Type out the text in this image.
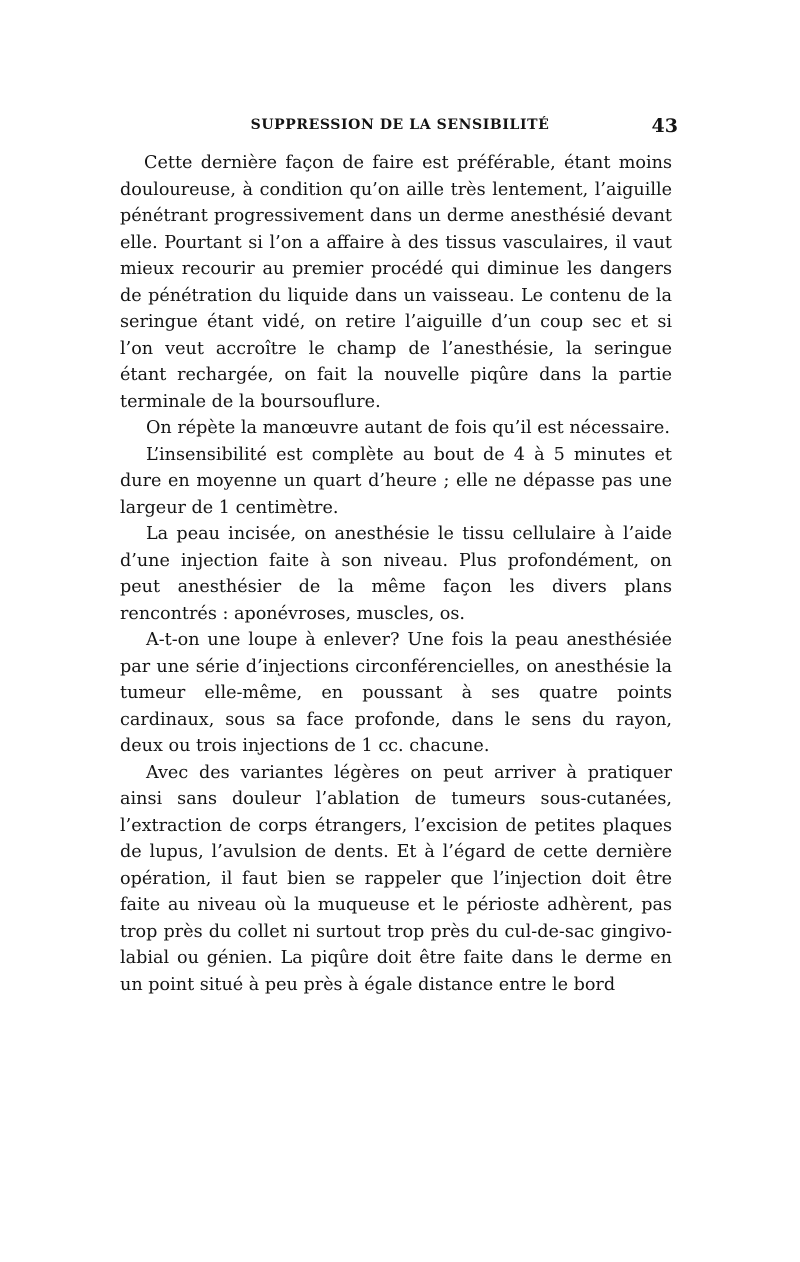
SUPPRESSION DE LA SENSIBILITÉ	43

Cette dernière façon de faire est préférable, étant moins douloureuse, à condition qu’on aille très lentement, l’aiguille pénétrant progressivement dans un derme anesthésié devant elle. Pourtant si l’on a affaire à des tissus vasculaires, il vaut mieux recourir au premier procédé qui diminue les dangers de pénétration du liquide dans un vaisseau. Le contenu de la seringue étant vidé, on retire l’aiguille d’un coup sec et si l’on veut accroître le champ de l’anesthésie, la seringue étant rechargée, on fait la nouvelle piqûre dans la partie terminale de la boursouflure.

On répète la manœuvre autant de fois qu’il est nécessaire.

L’insensibilité est complète au bout de 4 à 5 minutes et dure en moyenne un quart d’heure ; elle ne dépasse pas une largeur de 1 centimètre.

La peau incisée, on anesthésie le tissu cellulaire à l’aide d’une injection faite à son niveau. Plus profondément, on peut anesthésier de la même façon les divers plans rencontrés : aponévroses, muscles, os.

A-t-on une loupe à enlever? Une fois la peau anesthésiée par une série d’injections circonférencielles, on anesthésie la tumeur elle-même, en poussant à ses quatre points cardinaux, sous sa face profonde, dans le sens du rayon, deux ou trois injections de 1 cc. chacune.

Avec des variantes légères on peut arriver à pratiquer ainsi sans douleur l’ablation de tumeurs sous-cutanées, l’extraction de corps étrangers, l’excision de petites plaques de lupus, l’avulsion de dents. Et à l’égard de cette dernière opération, il faut bien se rappeler que l’injection doit être faite au niveau où la muqueuse et le périoste adhèrent, pas trop près du collet ni surtout trop près du cul-de-sac gingivo-labial ou génien. La piqûre doit être faite dans le derme en un point situé à peu près à égale distance entre le bord
